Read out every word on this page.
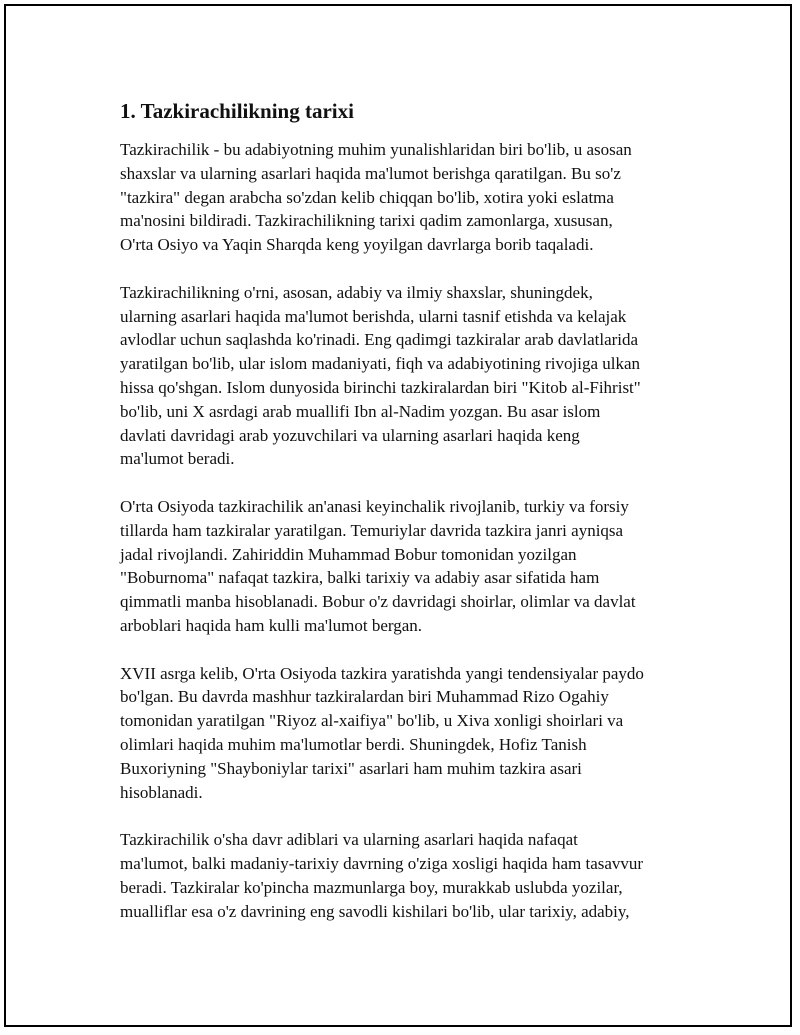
1. Tazkirachilikning tarixi

Tazkirachilik - bu adabiyotning muhim yunalishlaridan biri bo'lib, u asosan
shaxslar va ularning asarlari haqida ma'lumot berishga qaratilgan. Bu so'z
"tazkira" degan arabcha so'zdan kelib chiqqan bo'lib, xotira yoki eslatma
ma'nosini bildiradi. Tazkirachilikning tarixi qadim zamonlarga, xususan,
O'rta Osiyo va Yaqin Sharqda keng yoyilgan davrlarga borib taqaladi.

Tazkirachilikning o'rni, asosan, adabiy va ilmiy shaxslar, shuningdek,
ularning asarlari haqida ma'lumot berishda, ularni tasnif etishda va kelajak
avlodlar uchun saqlashda ko'rinadi. Eng qadimgi tazkiralar arab davlatlarida
yaratilgan bo'lib, ular islom madaniyati, fiqh va adabiyotining rivojiga ulkan
hissa qo'shgan. Islom dunyosida birinchi tazkiralardan biri "Kitob al-Fihrist"
bo'lib, uni X asrdagi arab muallifi Ibn al-Nadim yozgan. Bu asar islom
davlati davridagi arab yozuvchilari va ularning asarlari haqida keng
ma'lumot beradi.

O'rta Osiyoda tazkirachilik an'anasi keyinchalik rivojlanib, turkiy va forsiy
tillarda ham tazkiralar yaratilgan. Temuriylar davrida tazkira janri ayniqsa
jadal rivojlandi. Zahiriddin Muhammad Bobur tomonidan yozilgan
"Boburnoma" nafaqat tazkira, balki tarixiy va adabiy asar sifatida ham
qimmatli manba hisoblanadi. Bobur o'z davridagi shoirlar, olimlar va davlat
arboblari haqida ham kulli ma'lumot bergan.

XVII asrga kelib, O'rta Osiyoda tazkira yaratishda yangi tendensiyalar paydo
bo'lgan. Bu davrda mashhur tazkiralardan biri Muhammad Rizo Ogahiy
tomonidan yaratilgan "Riyoz al-xaifiya" bo'lib, u Xiva xonligi shoirlari va
olimlari haqida muhim ma'lumotlar berdi. Shuningdek, Hofiz Tanish
Buxoriyning "Shayboniylar tarixi" asarlari ham muhim tazkira asari
hisoblanadi.

Tazkirachilik o'sha davr adiblari va ularning asarlari haqida nafaqat
ma'lumot, balki madaniy-tarixiy davrning o'ziga xosligi haqida ham tasavvur
beradi. Tazkiralar ko'pincha mazmunlarga boy, murakkab uslubda yozilar,
mualliflar esa o'z davrining eng savodli kishilari bo'lib, ular tarixiy, adabiy,
